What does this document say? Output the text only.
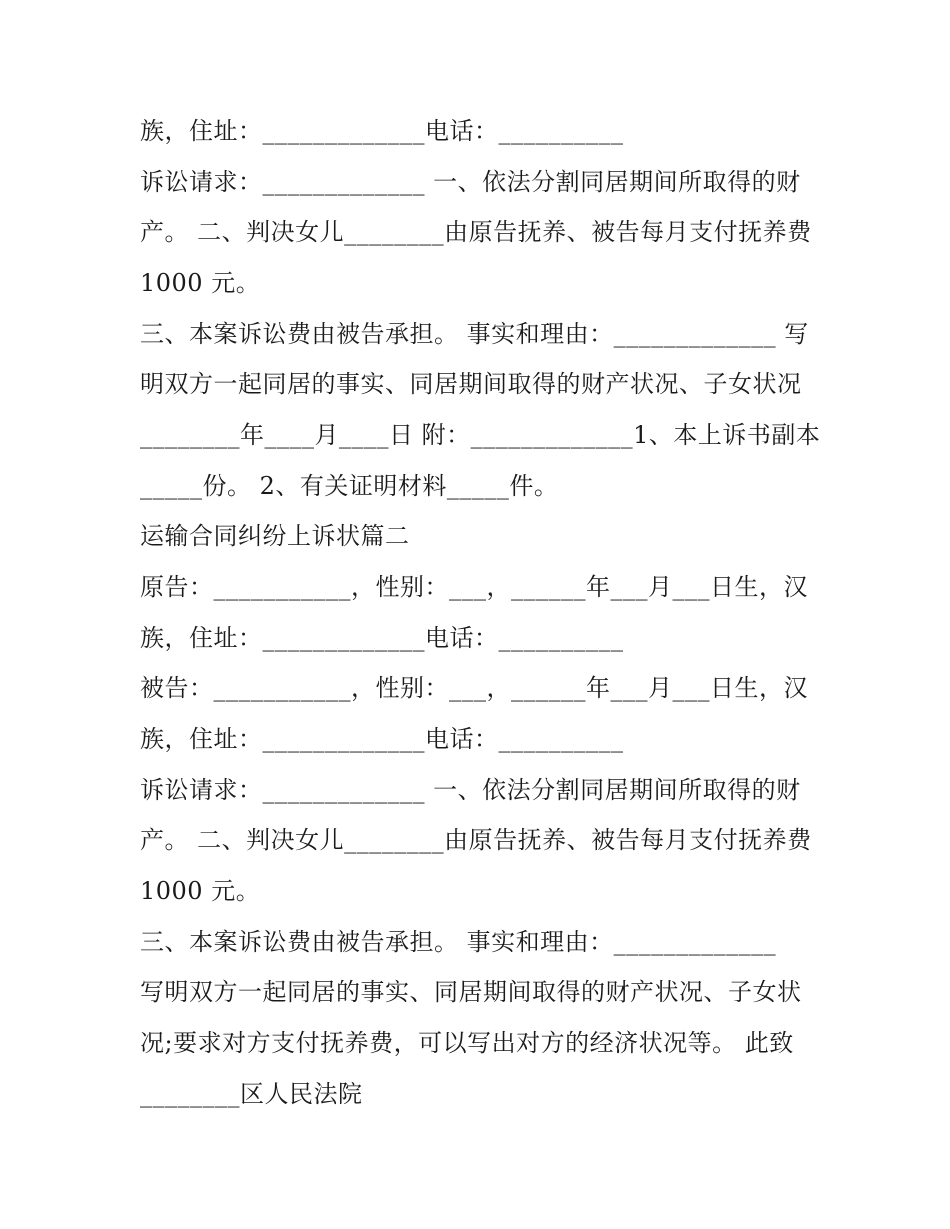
族，住址：_____________电话：__________
诉讼请求：_____________ 一、依法分割同居期间所取得的财
产。 二、判决女儿________由原告抚养、被告每月支付抚养费
1000 元。
三、本案诉讼费由被告承担。 事实和理由：_____________ 写
明双方一起同居的事实、同居期间取得的财产状况、子女状况
________年____月____日 附：_____________1、本上诉书副本
_____份。 2、有关证明材料_____件。
运输合同纠纷上诉状篇二
原告：___________，性别：___，______年___月___日生，汉
族，住址：_____________电话：__________
被告：___________，性别：___，______年___月___日生，汉
族，住址：_____________电话：__________
诉讼请求：_____________ 一、依法分割同居期间所取得的财
产。 二、判决女儿________由原告抚养、被告每月支付抚养费
1000 元。
三、本案诉讼费由被告承担。 事实和理由：_____________
写明双方一起同居的事实、同居期间取得的财产状况、子女状
况;要求对方支付抚养费，可以写出对方的经济状况等。 此致
________区人民法院
